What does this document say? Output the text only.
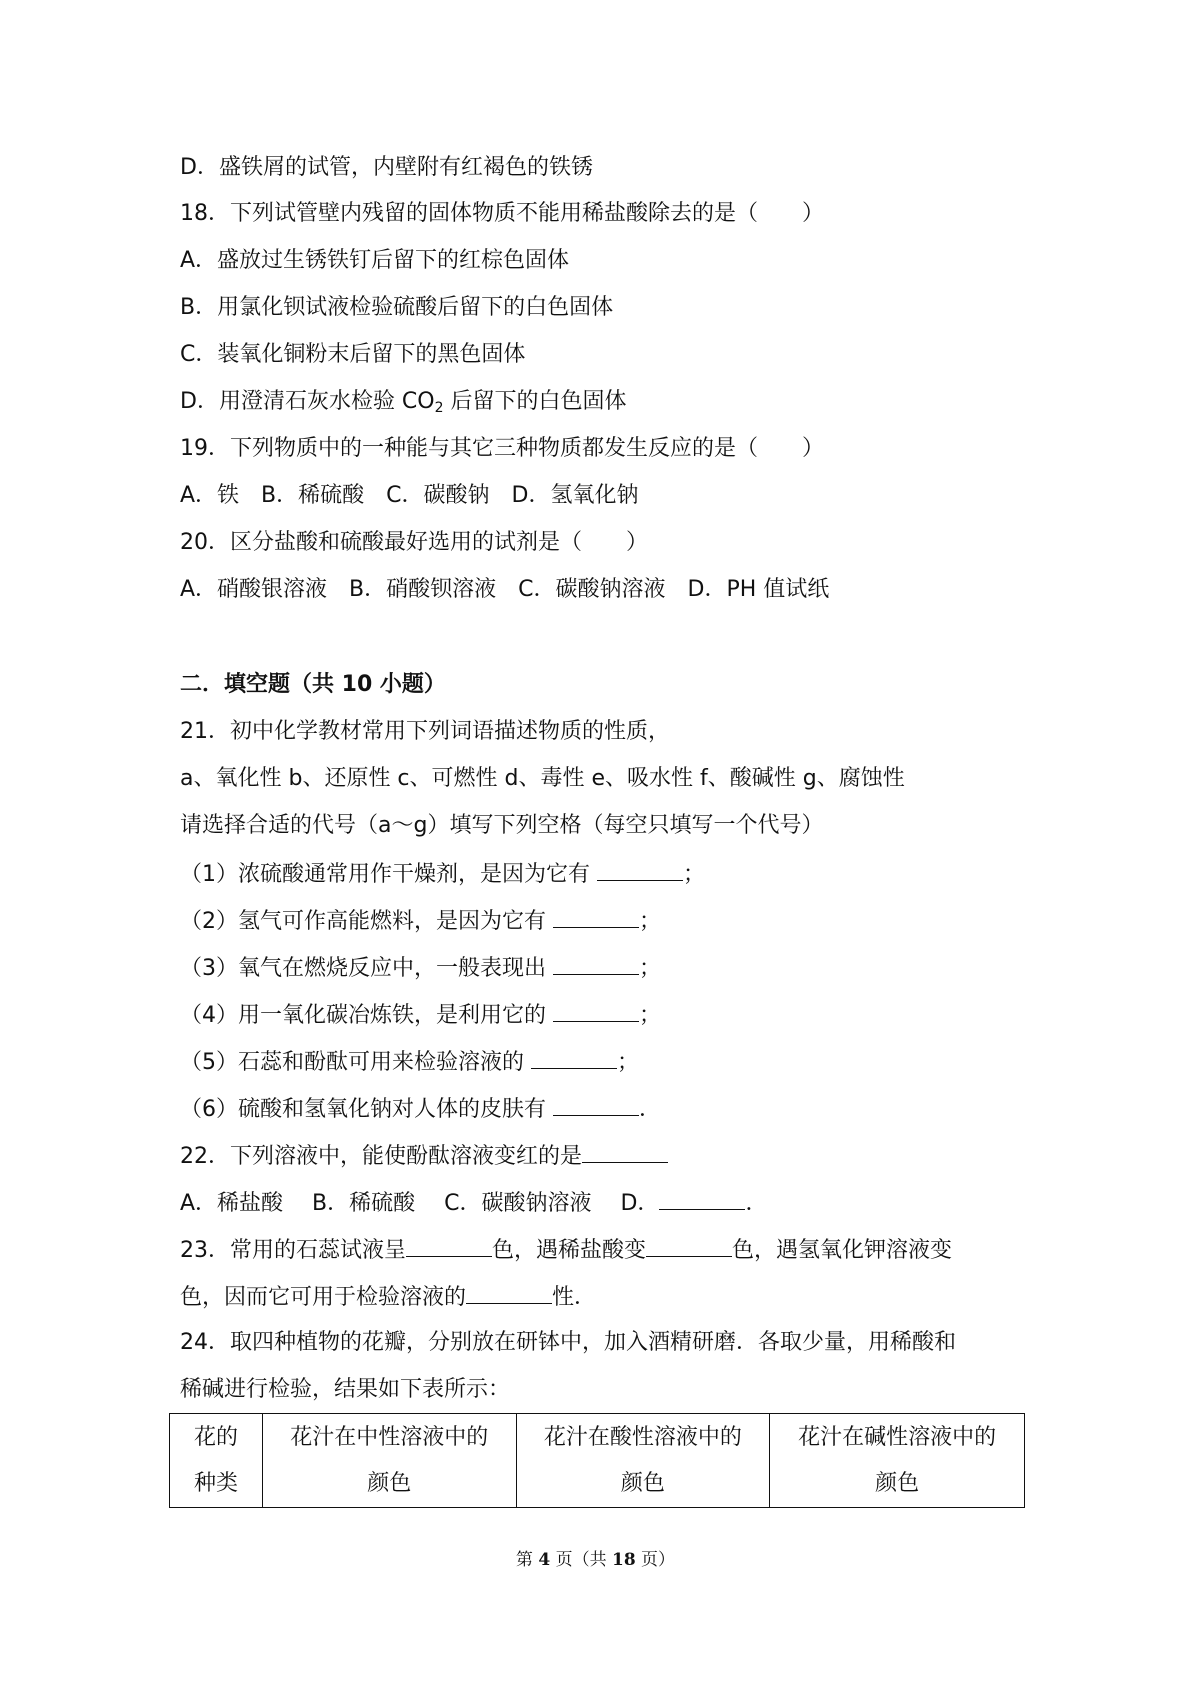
D．盛铁屑的试管，内壁附有红褐色的铁锈

18．下列试管壁内残留的固体物质不能用稀盐酸除去的是（　　）

A．盛放过生锈铁钉后留下的红棕色固体

B．用氯化钡试液检验硫酸后留下的白色固体

C．装氧化铜粉末后留下的黑色固体

D．用澄清石灰水检验 $CO_2$ 后留下的白色固体

19．下列物质中的一种能与其它三种物质都发生反应的是（　　）

A．铁　B．稀硫酸　C．碳酸钠　D．氢氧化钠

20．区分盐酸和硫酸最好选用的试剂是（　　）

A．硝酸银溶液　B．硝酸钡溶液　C．碳酸钠溶液　D．PH 值试纸

二．填空题（共 10 小题）

21．初中化学教材常用下列词语描述物质的性质，

a、氧化性 b、还原性 c、可燃性 d、毒性 e、吸水性 f、酸碱性 g、腐蚀性

请选择合适的代号（a～g）填写下列空格（每空只填写一个代号）

（1）浓硫酸通常用作干燥剂，是因为它有	；

（2）氢气可作高能燃料，是因为它有	；

（3）氧气在燃烧反应中，一般表现出	；

（4）用一氧化碳冶炼铁，是利用它的	；

（5）石蕊和酚酞可用来检验溶液的	；

（6）硫酸和氢氧化钠对人体的皮肤有	．

22．下列溶液中，能使酚酞溶液变红的是

A．稀盐酸　 B．稀硫酸　 C．碳酸钠溶液　 D．	．

23．常用的石蕊试液呈	色，遇稀盐酸变	色，遇氢氧化钾溶液变

色，因而它可用于检验溶液的	性．

24．取四种植物的花瓣，分别放在研钵中，加入酒精研磨．各取少量，用稀酸和

稀碱进行检验，结果如下表所示：

花的
种类	花汁在中性溶液中的
颜色	花汁在酸性溶液中的
颜色	花汁在碱性溶液中的
颜色
第 4 页（共 18 页）
